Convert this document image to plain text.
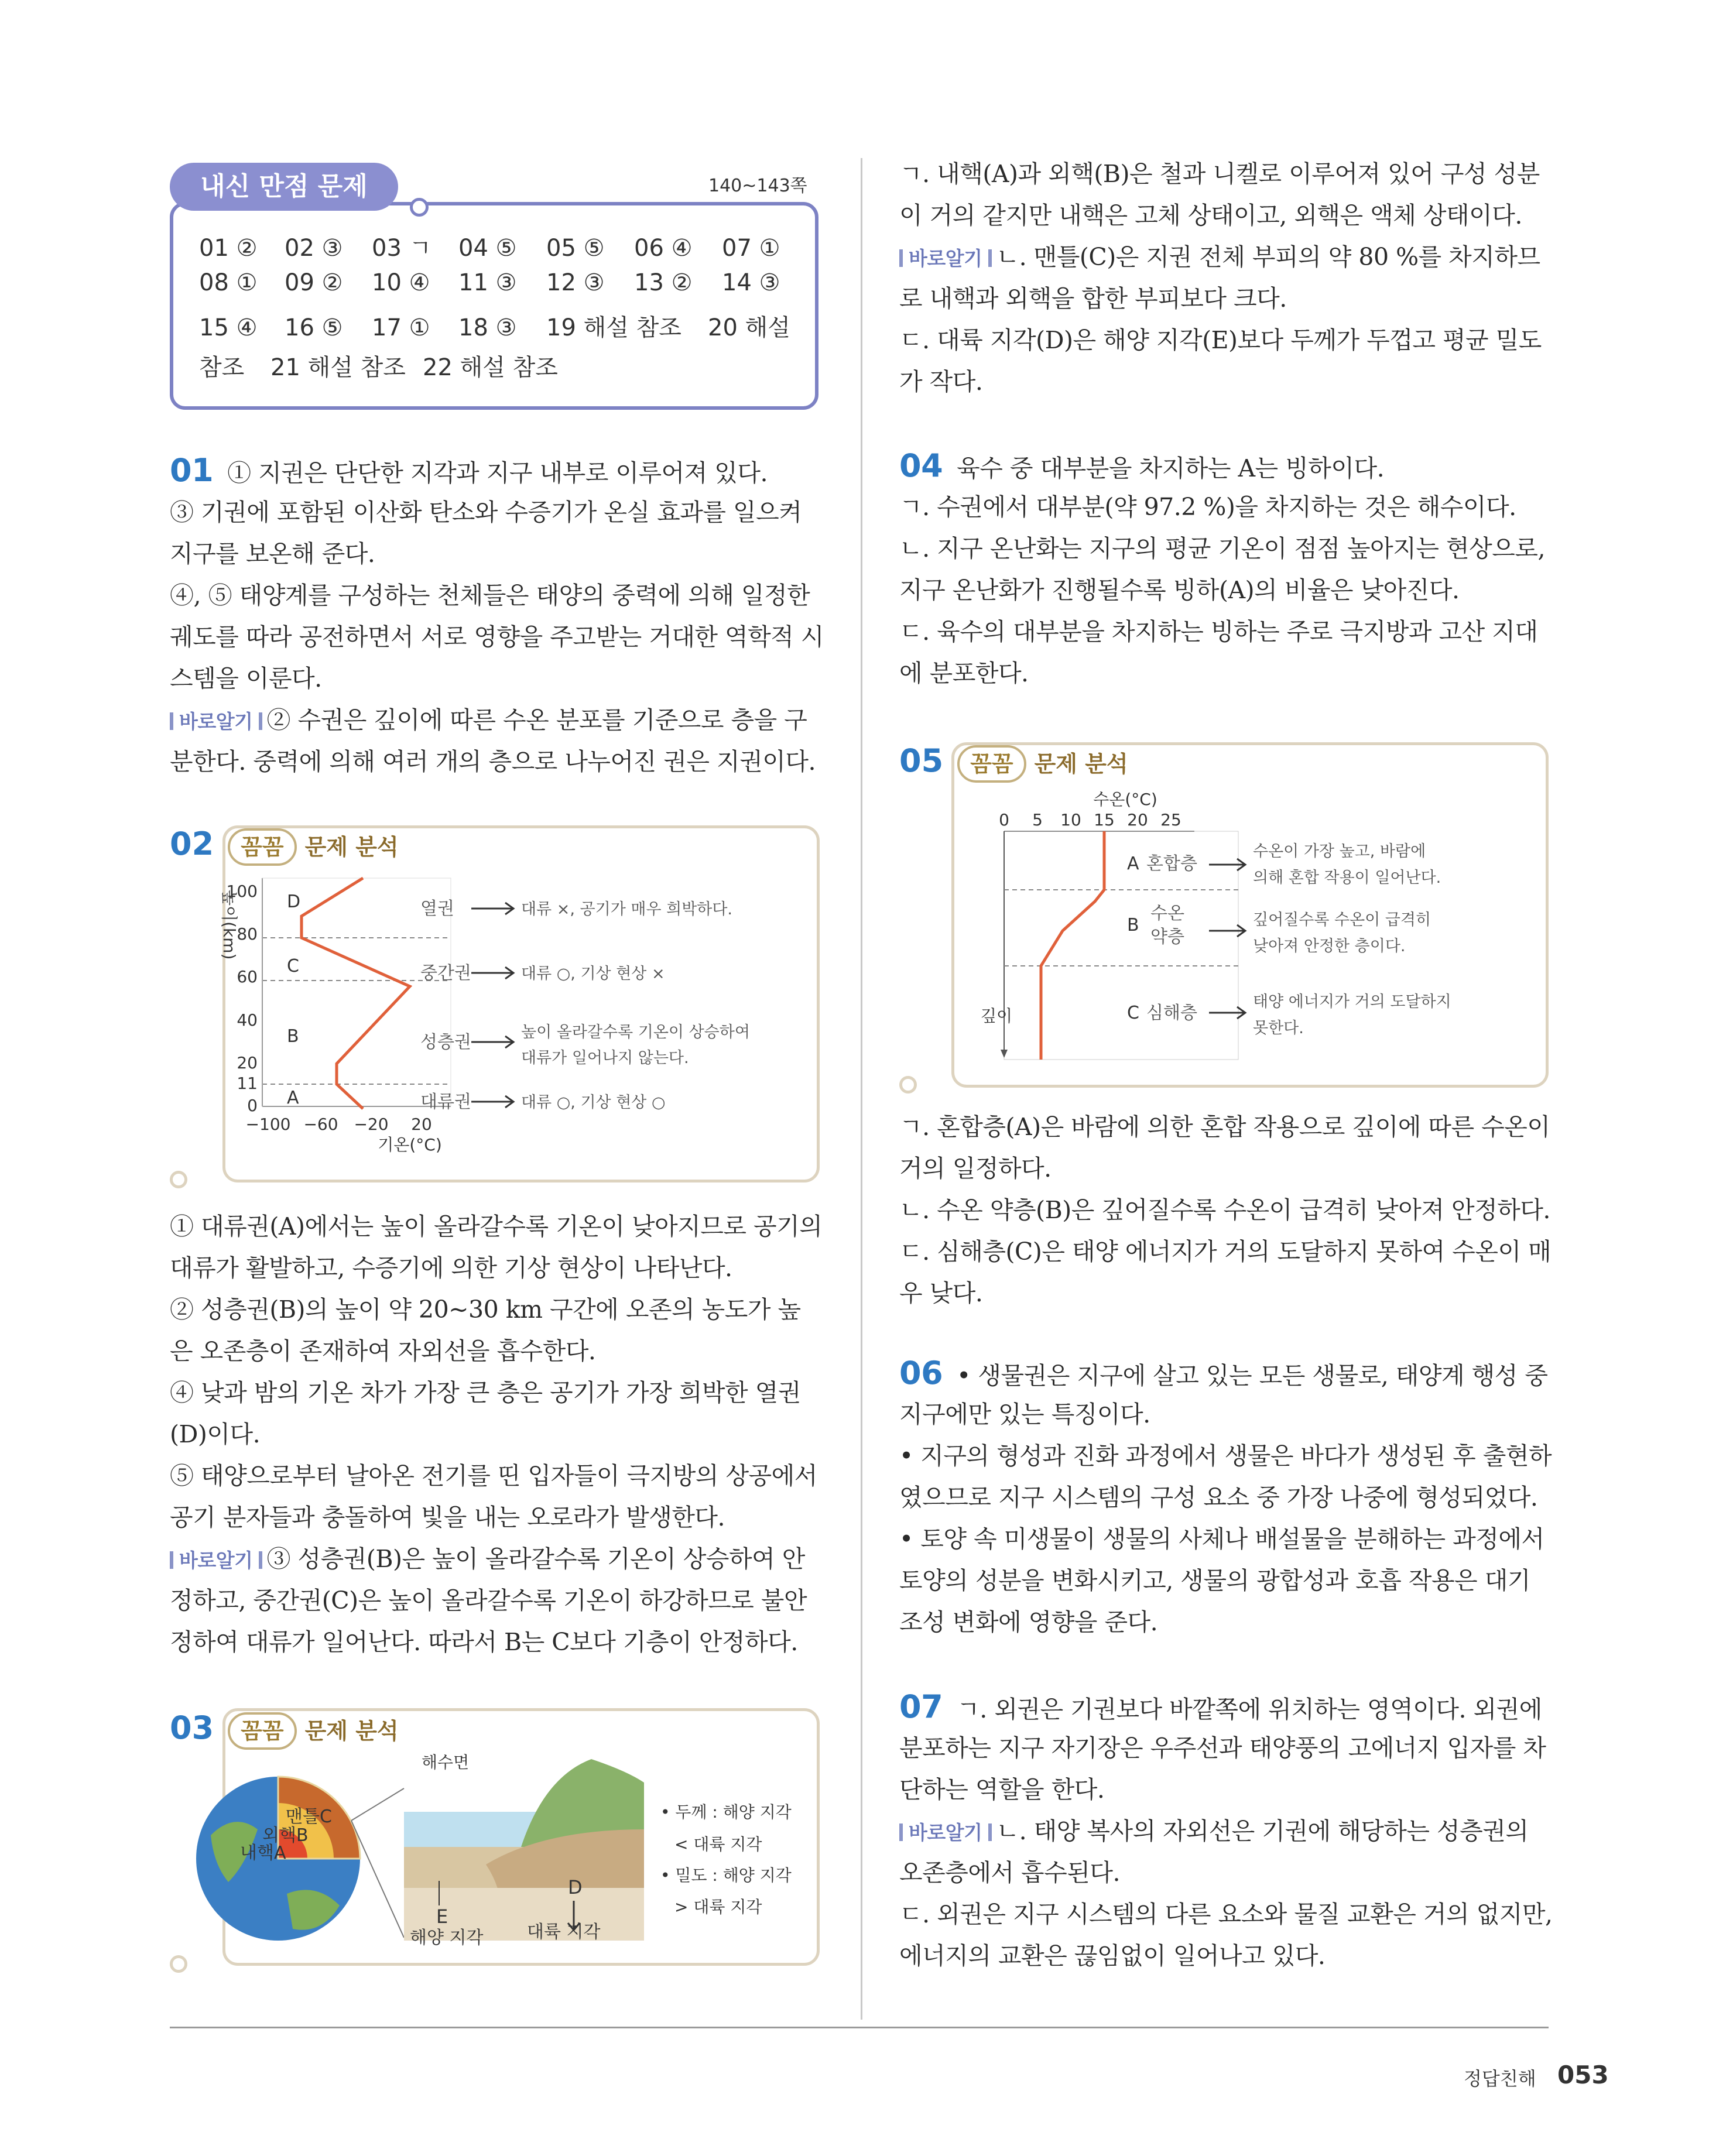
내신 만점 문제	140~143쪽
01 ② 02 ③ 03 ㄱ 04 ⑤ 05 ⑤ 06 ④ 07 ①
08 ① 09 ② 10 ④ 11 ③ 12 ③ 13 ② 14 ③
15 ④ 16 ⑤ 17 ① 18 ③ 19 해설 참조 20 해설
참조 21 해설 참조 22 해설 참조

01 ① 지권은 단단한 지각과 지구 내부로 이루어져 있다.

③ 기권에 포함된 이산화 탄소와 수증기가 온실 효과를 일으켜

지구를 보온해 준다.

④, ⑤ 태양계를 구성하는 천체들은 태양의 중력에 의해 일정한

궤도를 따라 공전하면서 서로 영향을 주고받는 거대한 역학적 시

스템을 이룬다.

바로알기 ② 수권은 깊이에 따른 수온 분포를 기준으로 층을 구

분한다. 중력에 의해 여러 개의 층으로 나누어진 권은 지권이다.

02 꼼꼼 문제 분석
높이(km)
100
80
60
40
20
11
0
D
C
B
A
−100 −60 −20 20
기온(°C)
열권
중간권
성층권
대류권
대류 ×, 공기가 매우 희박하다.
대류 ○, 기상 현상 ×
높이 올라갈수록 기온이 상승하여
대류가 일어나지 않는다.
대류 ○, 기상 현상 ○

① 대류권(A)에서는 높이 올라갈수록 기온이 낮아지므로 공기의

대류가 활발하고, 수증기에 의한 기상 현상이 나타난다.

② 성층권(B)의 높이 약 20~30 km 구간에 오존의 농도가 높

은 오존층이 존재하여 자외선을 흡수한다.

④ 낮과 밤의 기온 차가 가장 큰 층은 공기가 가장 희박한 열권

(D)이다.

⑤ 태양으로부터 날아온 전기를 띤 입자들이 극지방의 상공에서

공기 분자들과 충돌하여 빛을 내는 오로라가 발생한다.

바로알기 ③ 성층권(B)은 높이 올라갈수록 기온이 상승하여 안

정하고, 중간권(C)은 높이 올라갈수록 기온이 하강하므로 불안

정하여 대류가 일어난다. 따라서 B는 C보다 기층이 안정하다.

03 꼼꼼 문제 분석
맨틀C
외핵B
내핵A
해수면
D
E
해양 지각 대륙 지각
• 두께 : 해양 지각
< 대륙 지각
• 밀도 : 해양 지각
> 대륙 지각

ㄱ. 내핵(A)과 외핵(B)은 철과 니켈로 이루어져 있어 구성 성분

이 거의 같지만 내핵은 고체 상태이고, 외핵은 액체 상태이다.

바로알기 ㄴ. 맨틀(C)은 지권 전체 부피의 약 80 %를 차지하므

로 내핵과 외핵을 합한 부피보다 크다.

ㄷ. 대륙 지각(D)은 해양 지각(E)보다 두께가 두껍고 평균 밀도

가 작다.

04 육수 중 대부분을 차지하는 A는 빙하이다.

ㄱ. 수권에서 대부분(약 97.2 %)을 차지하는 것은 해수이다.

ㄴ. 지구 온난화는 지구의 평균 기온이 점점 높아지는 현상으로,

지구 온난화가 진행될수록 빙하(A)의 비율은 낮아진다.

ㄷ. 육수의 대부분을 차지하는 빙하는 주로 극지방과 고산 지대

에 분포한다.

05 꼼꼼 문제 분석
수온(°C)
0 5 10 15 20 25
깊이
A
B
C
혼합층
수온
약층
심해층
수온이 가장 높고, 바람에
의해 혼합 작용이 일어난다.
깊어질수록 수온이 급격히
낮아져 안정한 층이다.
태양 에너지가 거의 도달하지
못한다.

ㄱ. 혼합층(A)은 바람에 의한 혼합 작용으로 깊이에 따른 수온이

거의 일정하다.

ㄴ. 수온 약층(B)은 깊어질수록 수온이 급격히 낮아져 안정하다.

ㄷ. 심해층(C)은 태양 에너지가 거의 도달하지 못하여 수온이 매

우 낮다.

06 • 생물권은 지구에 살고 있는 모든 생물로, 태양계 행성 중

지구에만 있는 특징이다.

• 지구의 형성과 진화 과정에서 생물은 바다가 생성된 후 출현하

였으므로 지구 시스템의 구성 요소 중 가장 나중에 형성되었다.

• 토양 속 미생물이 생물의 사체나 배설물을 분해하는 과정에서

토양의 성분을 변화시키고, 생물의 광합성과 호흡 작용은 대기

조성 변화에 영향을 준다.

07 ㄱ. 외권은 기권보다 바깥쪽에 위치하는 영역이다. 외권에

분포하는 지구 자기장은 우주선과 태양풍의 고에너지 입자를 차

단하는 역할을 한다.

바로알기 ㄴ. 태양 복사의 자외선은 기권에 해당하는 성층권의

오존층에서 흡수된다.

ㄷ. 외권은 지구 시스템의 다른 요소와 물질 교환은 거의 없지만,

에너지의 교환은 끊임없이 일어나고 있다.

정답친해 053
